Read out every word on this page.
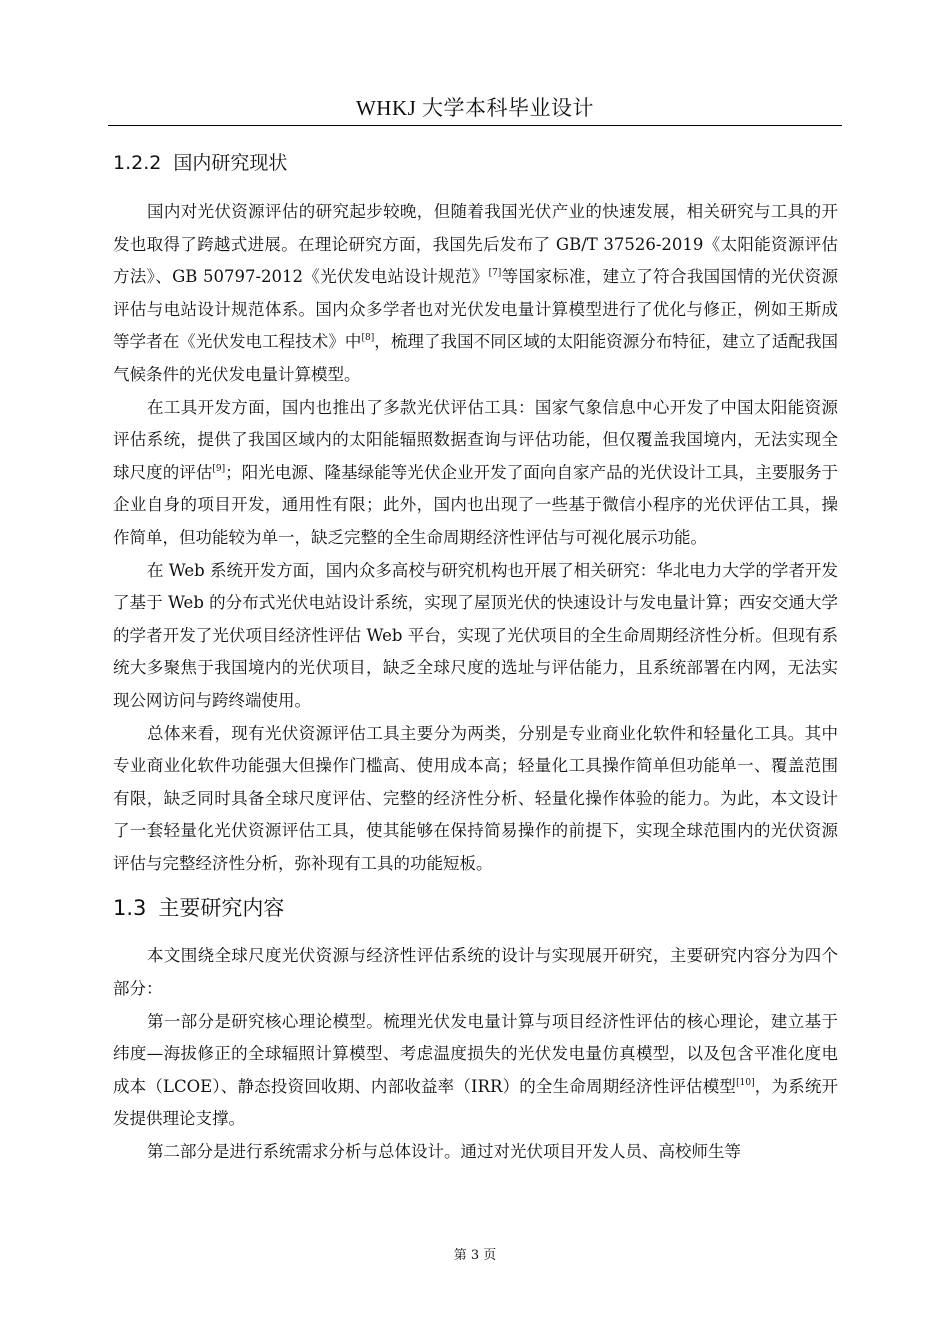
WHKJ 大学本科毕业设计
1.2.2 国内研究现状

国内对光伏资源评估的研究起步较晚，但随着我国光伏产业的快速发展，相关研究与工具的开发也取得了跨越式进展。在理论研究方面，我国先后发布了 GB/T 37526-2019《太阳能资源评估方法》、GB 50797-2012《光伏发电站设计规范》[7]等国家标准，建立了符合我国国情的光伏资源评估与电站设计规范体系。国内众多学者也对光伏发电量计算模型进行了优化与修正，例如王斯成等学者在《光伏发电工程技术》中[8]，梳理了我国不同区域的太阳能资源分布特征，建立了适配我国气候条件的光伏发电量计算模型。

在工具开发方面，国内也推出了多款光伏评估工具：国家气象信息中心开发了中国太阳能资源评估系统，提供了我国区域内的太阳能辐照数据查询与评估功能，但仅覆盖我国境内，无法实现全球尺度的评估[9]；阳光电源、隆基绿能等光伏企业开发了面向自家产品的光伏设计工具，主要服务于企业自身的项目开发，通用性有限；此外，国内也出现了一些基于微信小程序的光伏评估工具，操作简单，但功能较为单一，缺乏完整的全生命周期经济性评估与可视化展示功能。

在 Web 系统开发方面，国内众多高校与研究机构也开展了相关研究：华北电力大学的学者开发了基于 Web 的分布式光伏电站设计系统，实现了屋顶光伏的快速设计与发电量计算；西安交通大学的学者开发了光伏项目经济性评估 Web 平台，实现了光伏项目的全生命周期经济性分析。但现有系统大多聚焦于我国境内的光伏项目，缺乏全球尺度的选址与评估能力，且系统部署在内网，无法实现公网访问与跨终端使用。

总体来看，现有光伏资源评估工具主要分为两类，分别是专业商业化软件和轻量化工具。其中专业商业化软件功能强大但操作门槛高、使用成本高；轻量化工具操作简单但功能单一、覆盖范围有限，缺乏同时具备全球尺度评估、完整的经济性分析、轻量化操作体验的能力。为此，本文设计了一套轻量化光伏资源评估工具，使其能够在保持简易操作的前提下，实现全球范围内的光伏资源评估与完整经济性分析，弥补现有工具的功能短板。

1.3 主要研究内容

本文围绕全球尺度光伏资源与经济性评估系统的设计与实现展开研究，主要研究内容分为四个部分：

第一部分是研究核心理论模型。梳理光伏发电量计算与项目经济性评估的核心理论，建立基于纬度—海拔修正的全球辐照计算模型、考虑温度损失的光伏发电量仿真模型，以及包含平准化度电成本（LCOE）、静态投资回收期、内部收益率（IRR）的全生命周期经济性评估模型[10]，为系统开发提供理论支撑。

第二部分是进行系统需求分析与总体设计。通过对光伏项目开发人员、高校师生等

第 3 页
